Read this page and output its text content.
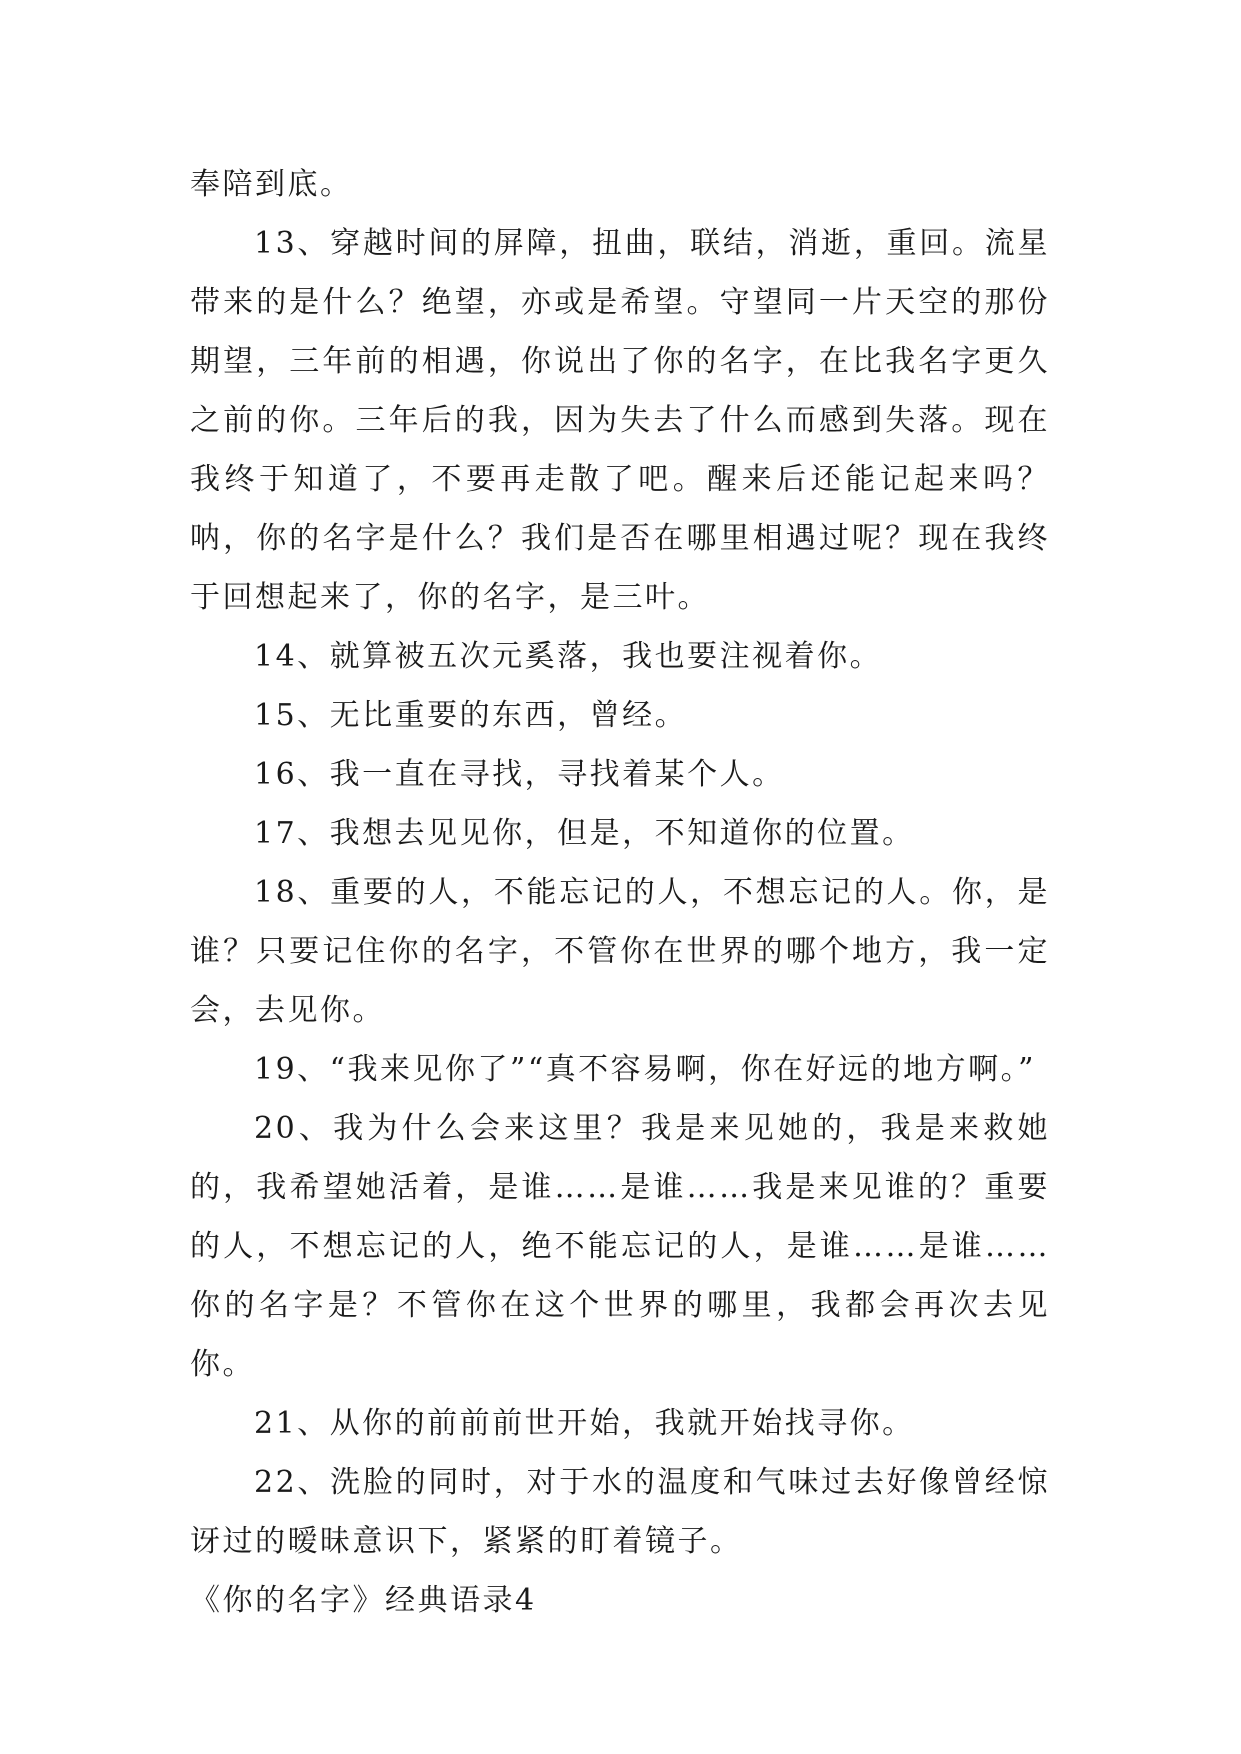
奉陪到底。

13、穿越时间的屏障，扭曲，联结，消逝，重回。流星带来的是什么？绝望，亦或是希望。守望同一片天空的那份期望，三年前的相遇，你说出了你的名字，在比我名字更久之前的你。三年后的我，因为失去了什么而感到失落。现在我终于知道了，不要再走散了吧。醒来后还能记起来吗？呐，你的名字是什么？我们是否在哪里相遇过呢？现在我终于回想起来了，你的名字，是三叶。

14、就算被五次元奚落，我也要注视着你。

15、无比重要的东西，曾经。

16、我一直在寻找，寻找着某个人。

17、我想去见见你，但是，不知道你的位置。

18、重要的人，不能忘记的人，不想忘记的人。你，是谁？只要记住你的名字，不管你在世界的哪个地方，我一定会，去见你。

19、“我来见你了”“真不容易啊，你在好远的地方啊。”

20、我为什么会来这里？我是来见她的，我是来救她的，我希望她活着，是谁……是谁……我是来见谁的？重要的人，不想忘记的人，绝不能忘记的人，是谁……是谁……你的名字是？不管你在这个世界的哪里，我都会再次去见你。

21、从你的前前前世开始，我就开始找寻你。

22、洗脸的同时，对于水的温度和气味过去好像曾经惊讶过的暧昧意识下，紧紧的盯着镜子。

《你的名字》经典语录4
